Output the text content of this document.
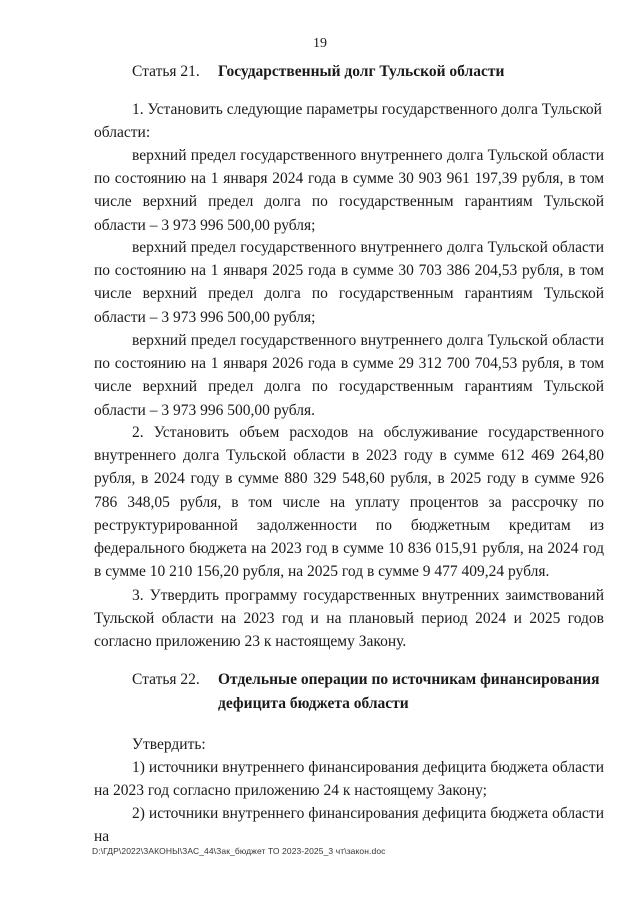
19
Статья 21. Государственный долг Тульской области

1. Установить следующие параметры государственного долга Тульской области:

верхний предел государственного внутреннего долга Тульской области по состоянию на 1 января 2024 года в сумме 30 903 961 197,39 рубля, в том числе верхний предел долга по государственным гарантиям Тульской области – 3 973 996 500,00 рубля;

верхний предел государственного внутреннего долга Тульской области по состоянию на 1 января 2025 года в сумме 30 703 386 204,53 рубля, в том числе верхний предел долга по государственным гарантиям Тульской области – 3 973 996 500,00 рубля;

верхний предел государственного внутреннего долга Тульской области по состоянию на 1 января 2026 года в сумме 29 312 700 704,53 рубля, в том числе верхний предел долга по государственным гарантиям Тульской области – 3 973 996 500,00 рубля.

2. Установить объем расходов на обслуживание государственного внутреннего долга Тульской области в 2023 году в сумме 612 469 264,80 рубля, в 2024 году в сумме 880 329 548,60 рубля, в 2025 году в сумме 926 786 348,05 рубля, в том числе на уплату процентов за рассрочку по реструктурированной задолженности по бюджетным кредитам из федерального бюджета на 2023 год в сумме 10 836 015,91 рубля, на 2024 год в сумме 10 210 156,20 рубля, на 2025 год в сумме 9 477 409,24 рубля.

3. Утвердить программу государственных внутренних заимствований Тульской области на 2023 год и на плановый период 2024 и 2025 годов согласно приложению 23 к настоящему Закону.

Статья 22. Отдельные операции по источникам финансирования дефицита бюджета области

Утвердить:

1) источники внутреннего финансирования дефицита бюджета области на 2023 год согласно приложению 24 к настоящему Закону;

2) источники внутреннего финансирования дефицита бюджета области на

D:\ГДР\2022\ЗАКОНЫ\ЗАС_44\Зак_бюджет ТО 2023-2025_3 чт\закон.doc
